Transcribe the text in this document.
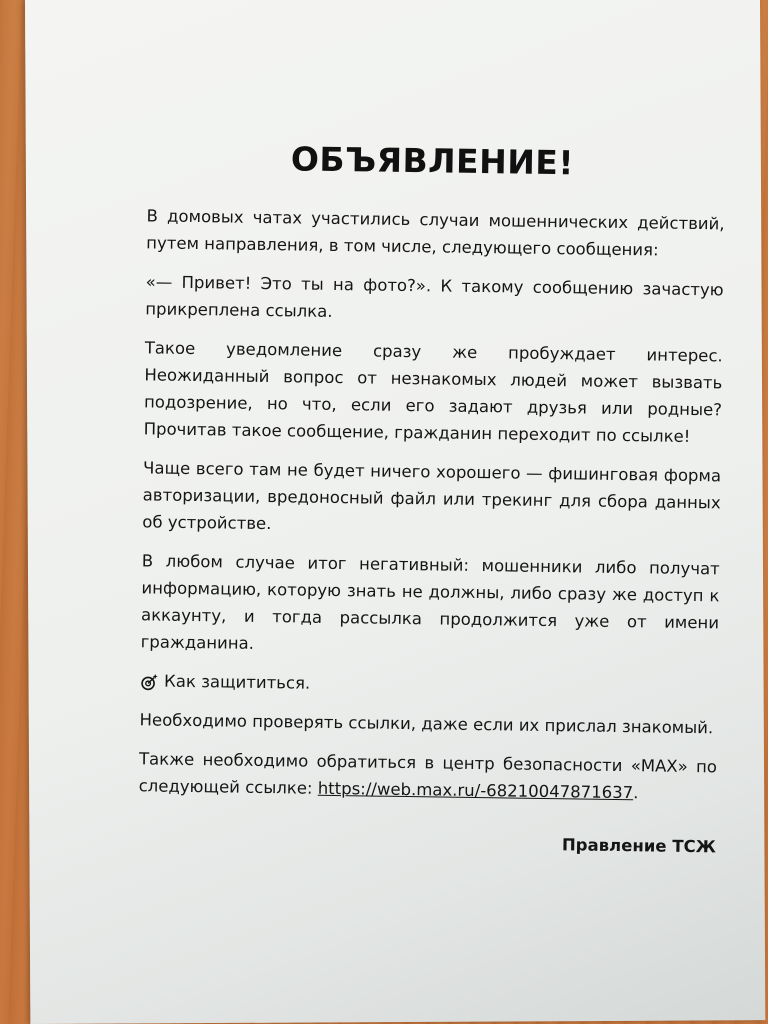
ОБЪЯВЛЕНИЕ!

В домовых чатах участились случаи мошеннических действий, путем направления, в том числе, следующего сообщения:

«— Привет! Это ты на фото?». К такому сообщению зачастую прикреплена ссылка.

Такое уведомление сразу же пробуждает интерес. Неожиданный вопрос от незнакомых людей может вызвать подозрение, но что, если его задают друзья или родные? Прочитав такое сообщение, гражданин переходит по ссылке!

Чаще всего там не будет ничего хорошего — фишинговая форма авторизации, вредоносный файл или трекинг для сбора данных об устройстве.

В любом случае итог негативный: мошенники либо получат информацию, которую знать не должны, либо сразу же доступ к аккаунту, и тогда рассылка продолжится уже от имени гражданина.

Как защититься.

Необходимо проверять ссылки, даже если их прислал знакомый.

Также необходимо обратиться в центр безопасности «MAX» по следующей ссылке: https://web.max.ru/-68210047871637.

Правление ТСЖ
